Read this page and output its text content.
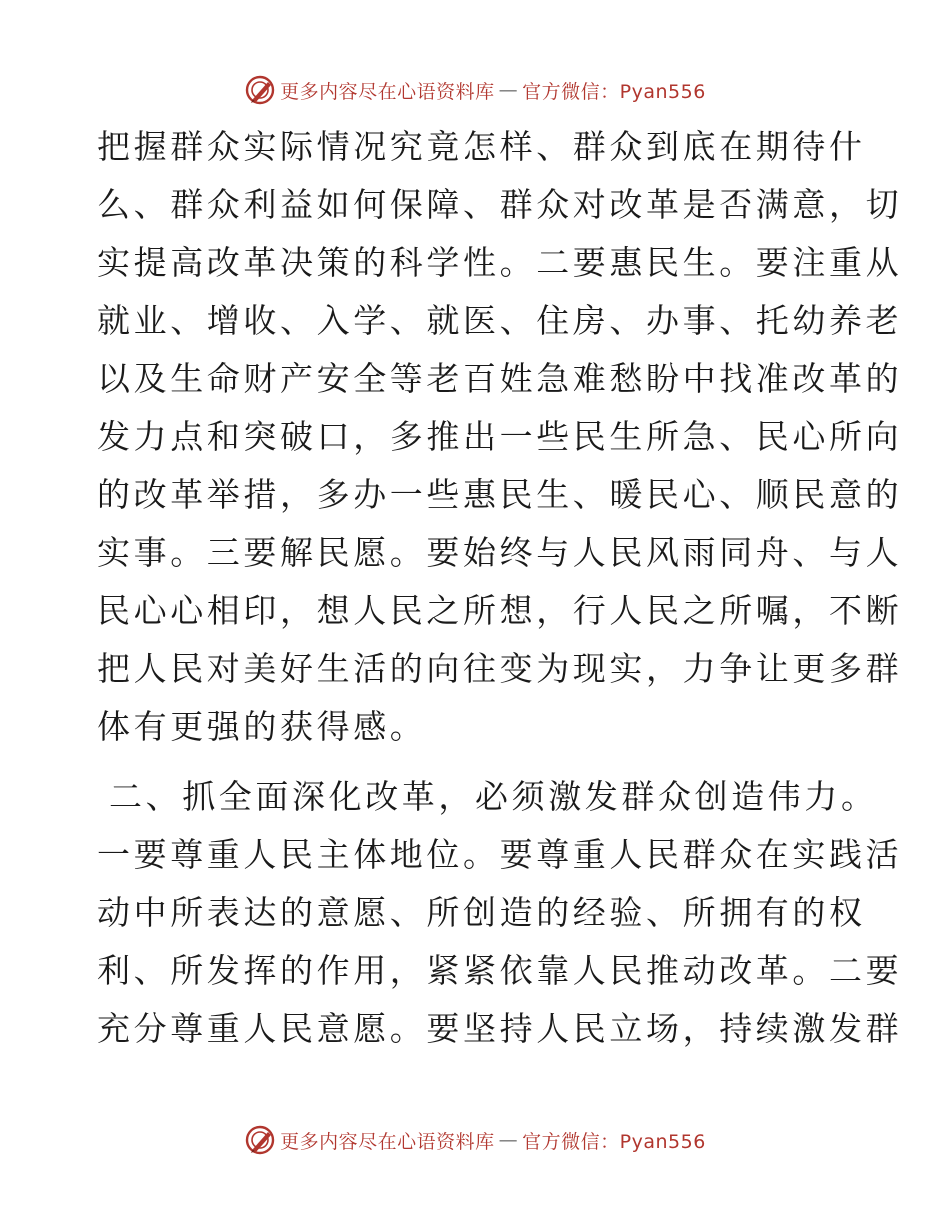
更多内容尽在心语资料库 — 官方微信：Pyan556
把握群众实际情况究竟怎样、群众到底在期待什
么、群众利益如何保障、群众对改革是否满意，切
实提高改革决策的科学性。二要惠民生。要注重从
就业、增收、入学、就医、住房、办事、托幼养老
以及生命财产安全等老百姓急难愁盼中找准改革的
发力点和突破口，多推出一些民生所急、民心所向
的改革举措，多办一些惠民生、暖民心、顺民意的
实事。三要解民愿。要始终与人民风雨同舟、与人
民心心相印，想人民之所想，行人民之所嘱，不断
把人民对美好生活的向往变为现实，力争让更多群
体有更强的获得感。
二、抓全面深化改革，必须激发群众创造伟力。
一要尊重人民主体地位。要尊重人民群众在实践活
动中所表达的意愿、所创造的经验、所拥有的权
利、所发挥的作用，紧紧依靠人民推动改革。二要
充分尊重人民意愿。要坚持人民立场，持续激发群
更多内容尽在心语资料库 — 官方微信：Pyan556
